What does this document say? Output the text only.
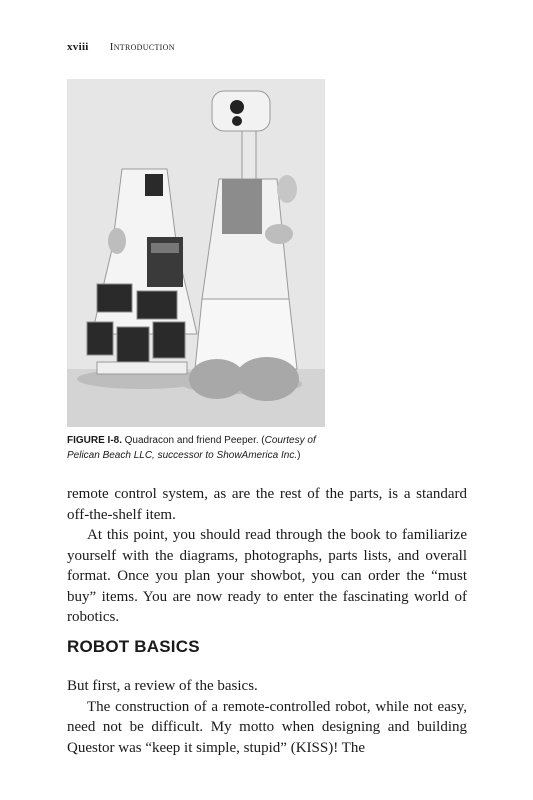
xviii Introduction
FIGURE I-8. Quadracon and friend Peeper. (Courtesy of Pelican Beach LLC, successor to ShowAmerica Inc.)

remote control system, as are the rest of the parts, is a standard off-the-shelf item.

At this point, you should read through the book to familiarize yourself with the diagrams, photographs, parts lists, and overall format. Once you plan your showbot, you can order the “must buy” items. You are now ready to enter the fascinating world of robotics.

ROBOT BASICS

But first, a review of the basics.

The construction of a remote-controlled robot, while not easy, need not be difficult. My motto when designing and building Questor was “keep it simple, stupid” (KISS)! The
